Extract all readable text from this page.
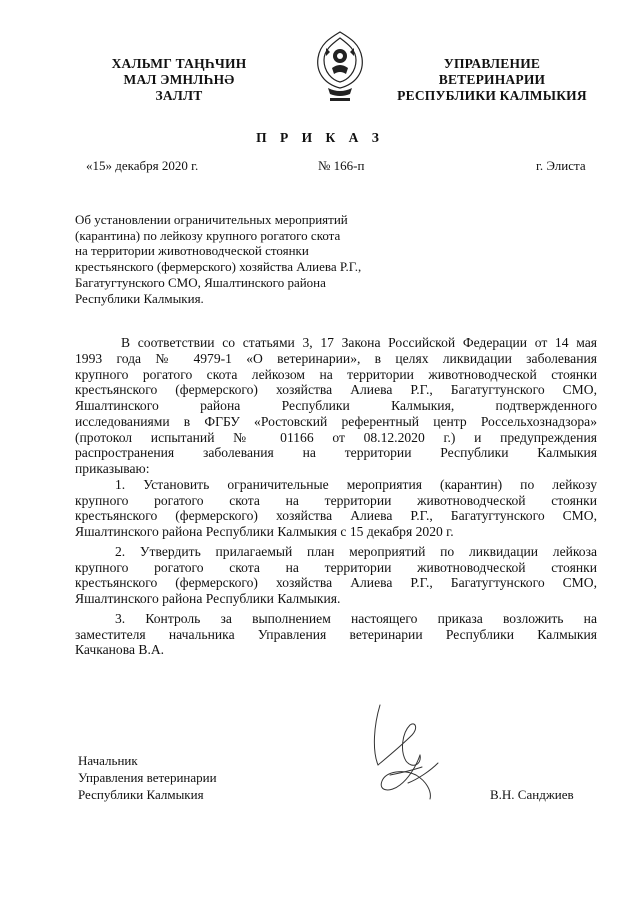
ХАЛЬМГ ТАҢҺЧИН
МАЛ ЭМНЛҺНӘ
ЗАЛЛТ
УПРАВЛЕНИЕ
ВЕТЕРИНАРИИ
РЕСПУБЛИКИ КАЛМЫКИЯ
П Р И К А З
«15» декабря 2020 г.	№ 166-п	г. Элиста
Об установлении ограничительных мероприятий
(карантина) по лейкозу крупного рогатого скота
на территории животноводческой стоянки
крестьянского (фермерского) хозяйства Алиева Р.Г.,
Багатугтунского СМО, Яшалтинского района
Республики Калмыкия.
В соответствии со статьями 3, 17 Закона Российской Федерации от 14 мая
1993 года № 4979-1 «О ветеринарии», в целях ликвидации заболевания
крупного рогатого скота лейкозом на территории животноводческой стоянки
крестьянского (фермерского) хозяйства Алиева Р.Г., Багатугтунского СМО,
Яшалтинского района Республики Калмыкия, подтвержденного
исследованиями в ФГБУ «Ростовский референтный центр Россельхознадзора»
(протокол испытаний № 01166 от 08.12.2020 г.) и предупреждения
распространения заболевания на территории Республики Калмыкия
приказываю:
1. Установить ограничительные мероприятия (карантин) по лейкозу
крупного рогатого скота на территории животноводческой стоянки
крестьянского (фермерского) хозяйства Алиева Р.Г., Багатугтунского СМО,
Яшалтинского района Республики Калмыкия с 15 декабря 2020 г.
2. Утвердить прилагаемый план мероприятий по ликвидации лейкоза
крупного рогатого скота на территории животноводческой стоянки
крестьянского (фермерского) хозяйства Алиева Р.Г., Багатугтунского СМО,
Яшалтинского района Республики Калмыкия.
3. Контроль за выполнением настоящего приказа возложить на
заместителя начальника Управления ветеринарии Республики Калмыкия
Качканова В.А.
Начальник
Управления ветеринарии
Республики Калмыкия	В.Н. Санджиев
